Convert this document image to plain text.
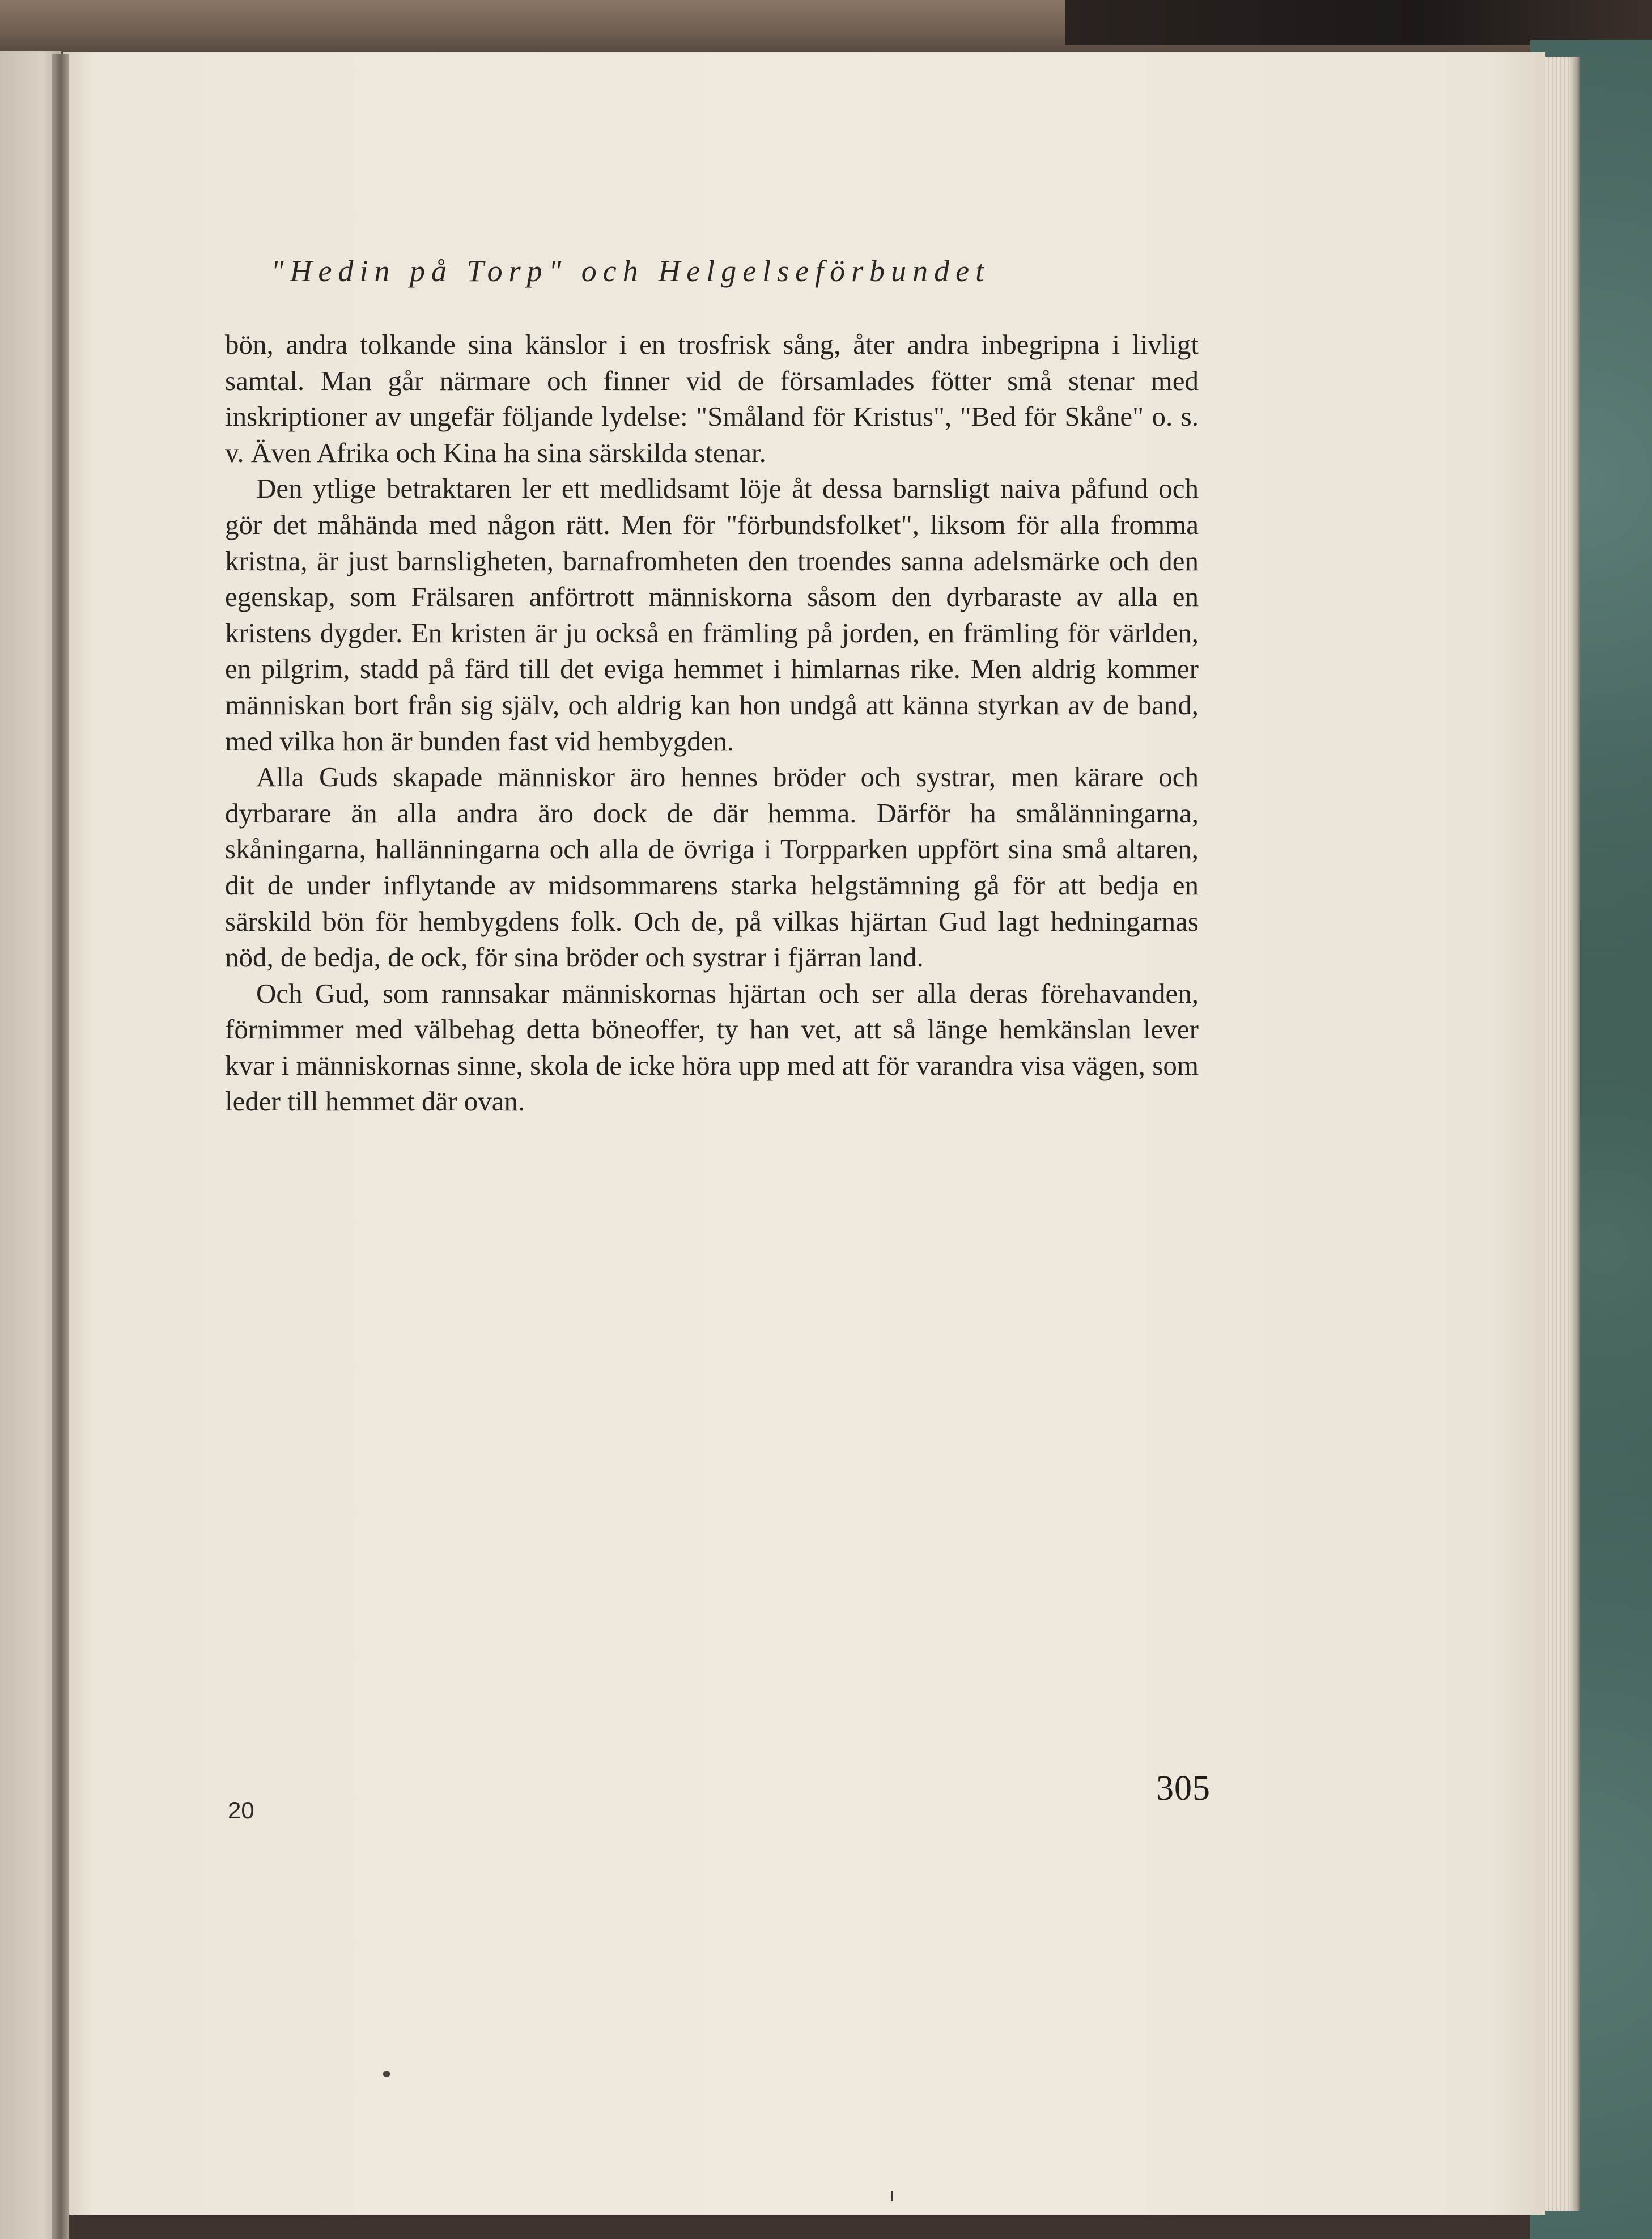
"Hedin på Torp" och Helgelseförbundet

bön, andra tolkande sina känslor i en trosfrisk sång, åter andra inbegripna i livligt samtal. Man går närmare och finner vid de församlades fötter små stenar med inskriptioner av ungefär följande lydelse: "Småland för Kristus", "Bed för Skåne" o. s. v. Även Afrika och Kina ha sina särskilda stenar.

Den ytlige betraktaren ler ett medlidsamt löje åt dessa barnsligt naiva påfund och gör det måhända med någon rätt. Men för "förbundsfolket", liksom för alla fromma kristna, är just barnsligheten, barnafromheten den troendes sanna adelsmärke och den egenskap, som Frälsaren anförtrott människorna såsom den dyrbaraste av alla en kristens dygder. En kristen är ju också en främling på jorden, en främling för världen, en pilgrim, stadd på färd till det eviga hemmet i himlarnas rike. Men aldrig kommer människan bort från sig själv, och aldrig kan hon undgå att känna styrkan av de band, med vilka hon är bunden fast vid hembygden.

Alla Guds skapade människor äro hennes bröder och systrar, men kärare och dyrbarare än alla andra äro dock de där hemma. Därför ha smålänningarna, skåningarna, hallänningarna och alla de övriga i Torpparken uppfört sina små altaren, dit de under inflytande av midsommarens starka helgstämning gå för att bedja en särskild bön för hembygdens folk. Och de, på vilkas hjärtan Gud lagt hedningarnas nöd, de bedja, de ock, för sina bröder och systrar i fjärran land.

Och Gud, som rannsakar människornas hjärtan och ser alla deras förehavanden, förnimmer med välbehag detta böneoffer, ty han vet, att så länge hemkänslan lever kvar i människornas sinne, skola de icke höra upp med att för varandra visa vägen, som leder till hemmet där ovan.

20
305
